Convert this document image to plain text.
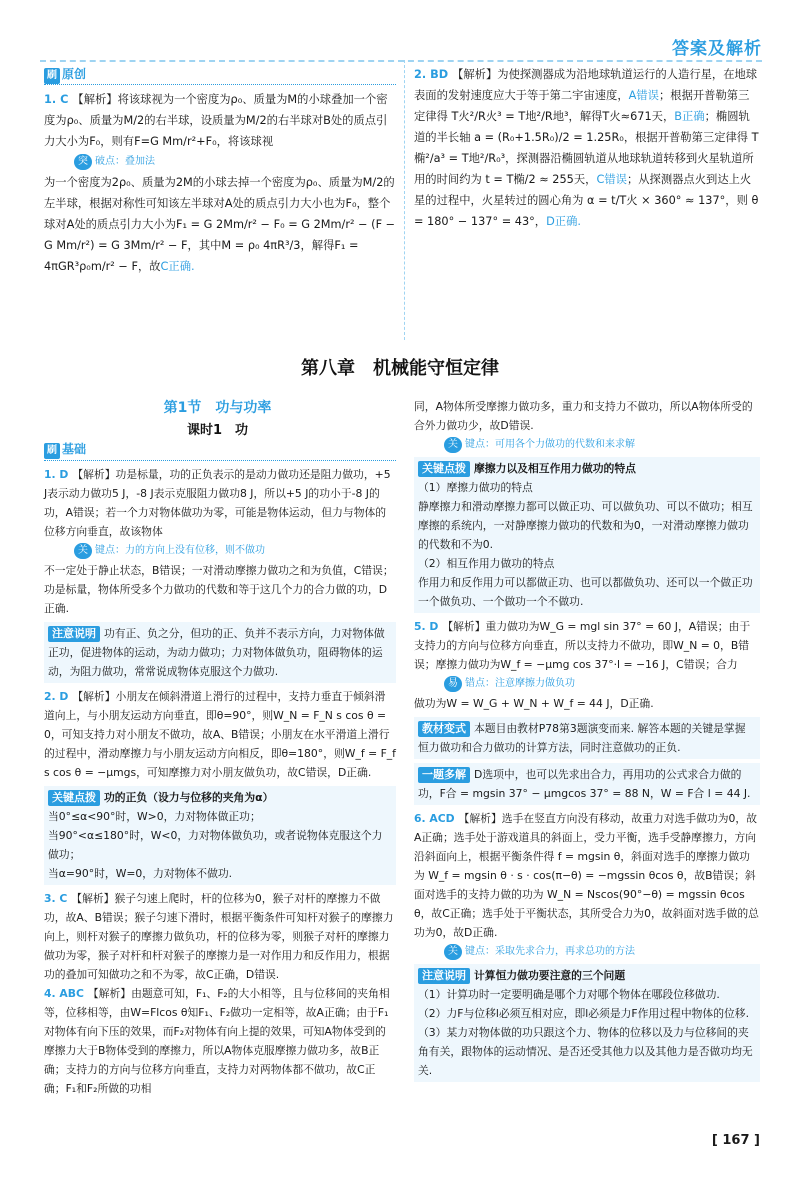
答案及解析
刷 原创

1. C 【解析】将该球视为一个密度为ρ₀、质量为M的小球叠加一个密度为ρ₀、质量为M/2的右半球，设质量为M/2的右半球对B处的质点引力大小为F₀，则有F=G Mm/r²+F₀，将该球视

突 破点：叠加法

为一个密度为2ρ₀、质量为2M的小球去掉一个密度为ρ₀、质量为M/2的左半球，根据对称性可知该左半球对A处的质点引力大小也为F₀，整个球对A处的质点引力大小为F₁ = G 2Mm/r² − F₀ = G 2Mm/r² − (F − G Mm/r²) = G 3Mm/r² − F，其中M = ρ₀ 4πR³/3，解得F₁ = 4πGR³ρ₀m/r² − F，故C正确.

2. BD 【解析】为使探测器成为沿地球轨道运行的人造行星，在地球表面的发射速度应大于等于第二宇宙速度，A错误；根据开普勒第三定律得 T火²/R火³ = T地²/R地³，解得T火≈671天，B正确；椭圆轨道的半长轴 a = (R₀+1.5R₀)/2 = 1.25R₀，根据开普勒第三定律得 T椭²/a³ = T地²/R₀³，探测器沿椭圆轨道从地球轨道转移到火星轨道所用的时间约为 t = T椭/2 ≈ 255天，C错误；从探测器点火到达上火星的过程中，火星转过的圆心角为 α = t/T火 × 360° ≈ 137°，则 θ = 180° − 137° = 43°，D正确.

第八章　机械能守恒定律
第1节　功与功率
课时1　功
刷 基础

1. D 【解析】功是标量，功的正负表示的是动力做功还是阻力做功，+5 J表示动力做功5 J，-8 J表示克服阻力做功8 J，所以+5 J的功小于-8 J的功，A错误；若一个力对物体做功为零，可能是物体运动，但力与物体的位移方向垂直，故该物体

关 键点：力的方向上没有位移，则不做功

不一定处于静止状态，B错误；一对滑动摩擦力做功之和为负值，C错误；功是标量，物体所受多个力做功的代数和等于这几个力的合力做的功，D正确.

注意说明 功有正、负之分，但功的正、负并不表示方向，力对物体做正功，促进物体的运动，为动力做功；力对物体做负功，阻碍物体的运动，为阻力做功，常常说成物体克服这个力做功.

2. D 【解析】小朋友在倾斜滑道上滑行的过程中，支持力垂直于倾斜滑道向上，与小朋友运动方向垂直，即θ=90°，则W_N = F_N s cos θ = 0，可知支持力对小朋友不做功，故A、B错误；小朋友在水平滑道上滑行的过程中，滑动摩擦力与小朋友运动方向相反，即θ=180°，则W_f = F_f s cos θ = −μmgs，可知摩擦力对小朋友做负功，故C错误，D正确.

关键点拨 功的正负（设力与位移的夹角为α）
当0°≤α<90°时，W>0，力对物体做正功；
当90°<α≤180°时，W<0，力对物体做负功，或者说物体克服这个力做功；
当α=90°时，W=0，力对物体不做功.

3. C 【解析】猴子匀速上爬时，杆的位移为0，猴子对杆的摩擦力不做功，故A、B错误；猴子匀速下滑时，根据平衡条件可知杆对猴子的摩擦力向上，则杆对猴子的摩擦力做负功，杆的位移为零，则猴子对杆的摩擦力做功为零，猴子对杆和杆对猴子的摩擦力是一对作用力和反作用力，根据功的叠加可知做功之和不为零，故C正确，D错误.

4. ABC 【解析】由题意可知，F₁、F₂的大小相等，且与位移间的夹角相等，位移相等，由W=Flcos θ知F₁、F₂做功一定相等，故A正确；由于F₁对物体有向下压的效果，而F₂对物体有向上提的效果，可知A物体受到的摩擦力大于B物体受到的摩擦力，所以A物体克服摩擦力做功多，故B正确；支持力的方向与位移方向垂直，支持力对两物体都不做功，故C正确；F₁和F₂所做的功相

同，A物体所受摩擦力做功多，重力和支持力不做功，所以A物体所受的合外力做功少，故D错误.

关 键点：可用各个力做功的代数和来求解
关键点拨 摩擦力以及相互作用力做功的特点
（1）摩擦力做功的特点
静摩擦力和滑动摩擦力都可以做正功、可以做负功、可以不做功；相互摩擦的系统内，一对静摩擦力做功的代数和为0，一对滑动摩擦力做功的代数和不为0.
（2）相互作用力做功的特点
作用力和反作用力可以都做正功、也可以都做负功、还可以一个做正功一个做负功、一个做功一个不做功.

5. D 【解析】重力做功为W_G = mgl sin 37° = 60 J，A错误；由于支持力的方向与位移方向垂直，所以支持力不做功，即W_N = 0，B错误；摩擦力做功为W_f = −μmg cos 37°·l = −16 J，C错误；合力

易 错点：注意摩擦力做负功

做功为W = W_G + W_N + W_f = 44 J，D正确.

教材变式 本题目由教材P78第3题演变而来. 解答本题的关键是掌握恒力做功和合力做功的计算方法，同时注意做功的正负.
一题多解 D选项中，也可以先求出合力，再用功的公式求合力做的功，F合 = mgsin 37° − μmgcos 37° = 88 N，W = F合 l = 44 J.

6. ACD 【解析】选手在竖直方向没有移动，故重力对选手做功为0，故A正确；选手处于游戏道具的斜面上，受力平衡，选手受静摩擦力，方向沿斜面向上，根据平衡条件得 f = mgsin θ，斜面对选手的摩擦力做功为 W_f = mgsin θ · s · cos(π−θ) = −mgssin θcos θ，故B错误；斜面对选手的支持力做的功为 W_N = Nscos(90°−θ) = mgssin θcos θ，故C正确；选手处于平衡状态，其所受合力为0，故斜面对选手做的总功为0，故D正确.

关 键点：采取先求合力，再求总功的方法
注意说明 计算恒力做功要注意的三个问题
（1）计算功时一定要明确是哪个力对哪个物体在哪段位移做功.
（2）力F与位移l必须互相对应，即l必须是力F作用过程中物体的位移.
（3）某力对物体做的功只跟这个力、物体的位移以及力与位移间的夹角有关，跟物体的运动情况、是否还受其他力以及其他力是否做功均无关.
[ 167 ]
